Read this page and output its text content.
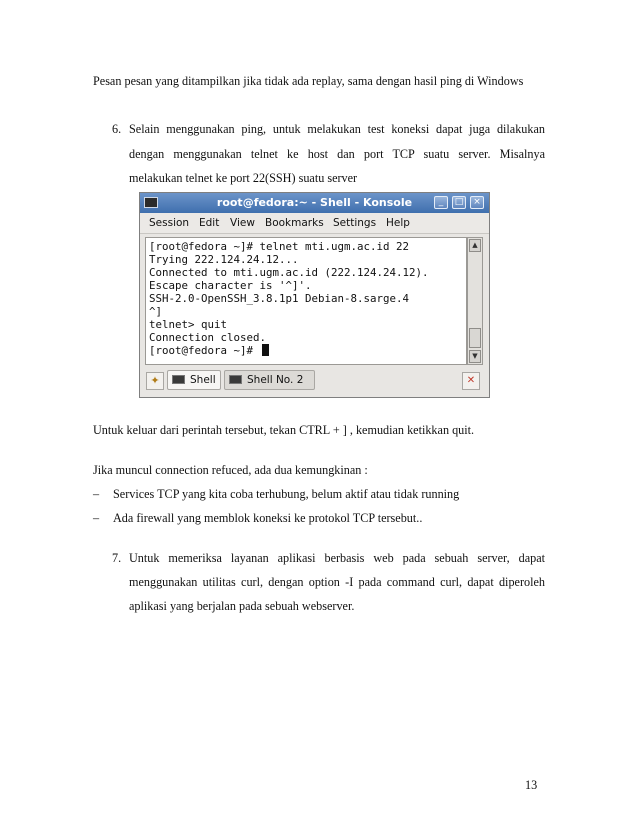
Pesan pesan yang ditampilkan jika tidak ada replay, sama dengan hasil ping di Windows
6. Selain menggunakan ping, untuk melakukan test koneksi dapat juga dilakukan
dengan menggunakan telnet ke host dan port TCP suatu server. Misalnya
melakukan telnet ke port 22(SSH) suatu server
root@fedora:~ - Shell - Konsole	_	□	×
Session Edit View Bookmarks Settings Help
[root@fedora ~]# telnet mti.ugm.ac.id 22
Trying 222.124.24.12...
Connected to mti.ugm.ac.id (222.124.24.12).
Escape character is '^]'.
SSH-2.0-OpenSSH_3.8.1p1 Debian-8.sarge.4
^]
telnet> quit
Connection closed.
[root@fedora ~]#
▲
▼
✦	Shell	Shell No. 2	✕
Untuk keluar dari perintah tersebut, tekan CTRL + ] , kemudian ketikkan quit.
Jika muncul connection refuced, ada dua kemungkinan :
– Services TCP yang kita coba terhubung, belum aktif atau tidak running
– Ada firewall yang memblok koneksi ke protokol TCP tersebut..
7. Untuk memeriksa layanan aplikasi berbasis web pada sebuah server, dapat
menggunakan utilitas curl, dengan option -I pada command curl, dapat diperoleh
aplikasi yang berjalan pada sebuah webserver.
13
